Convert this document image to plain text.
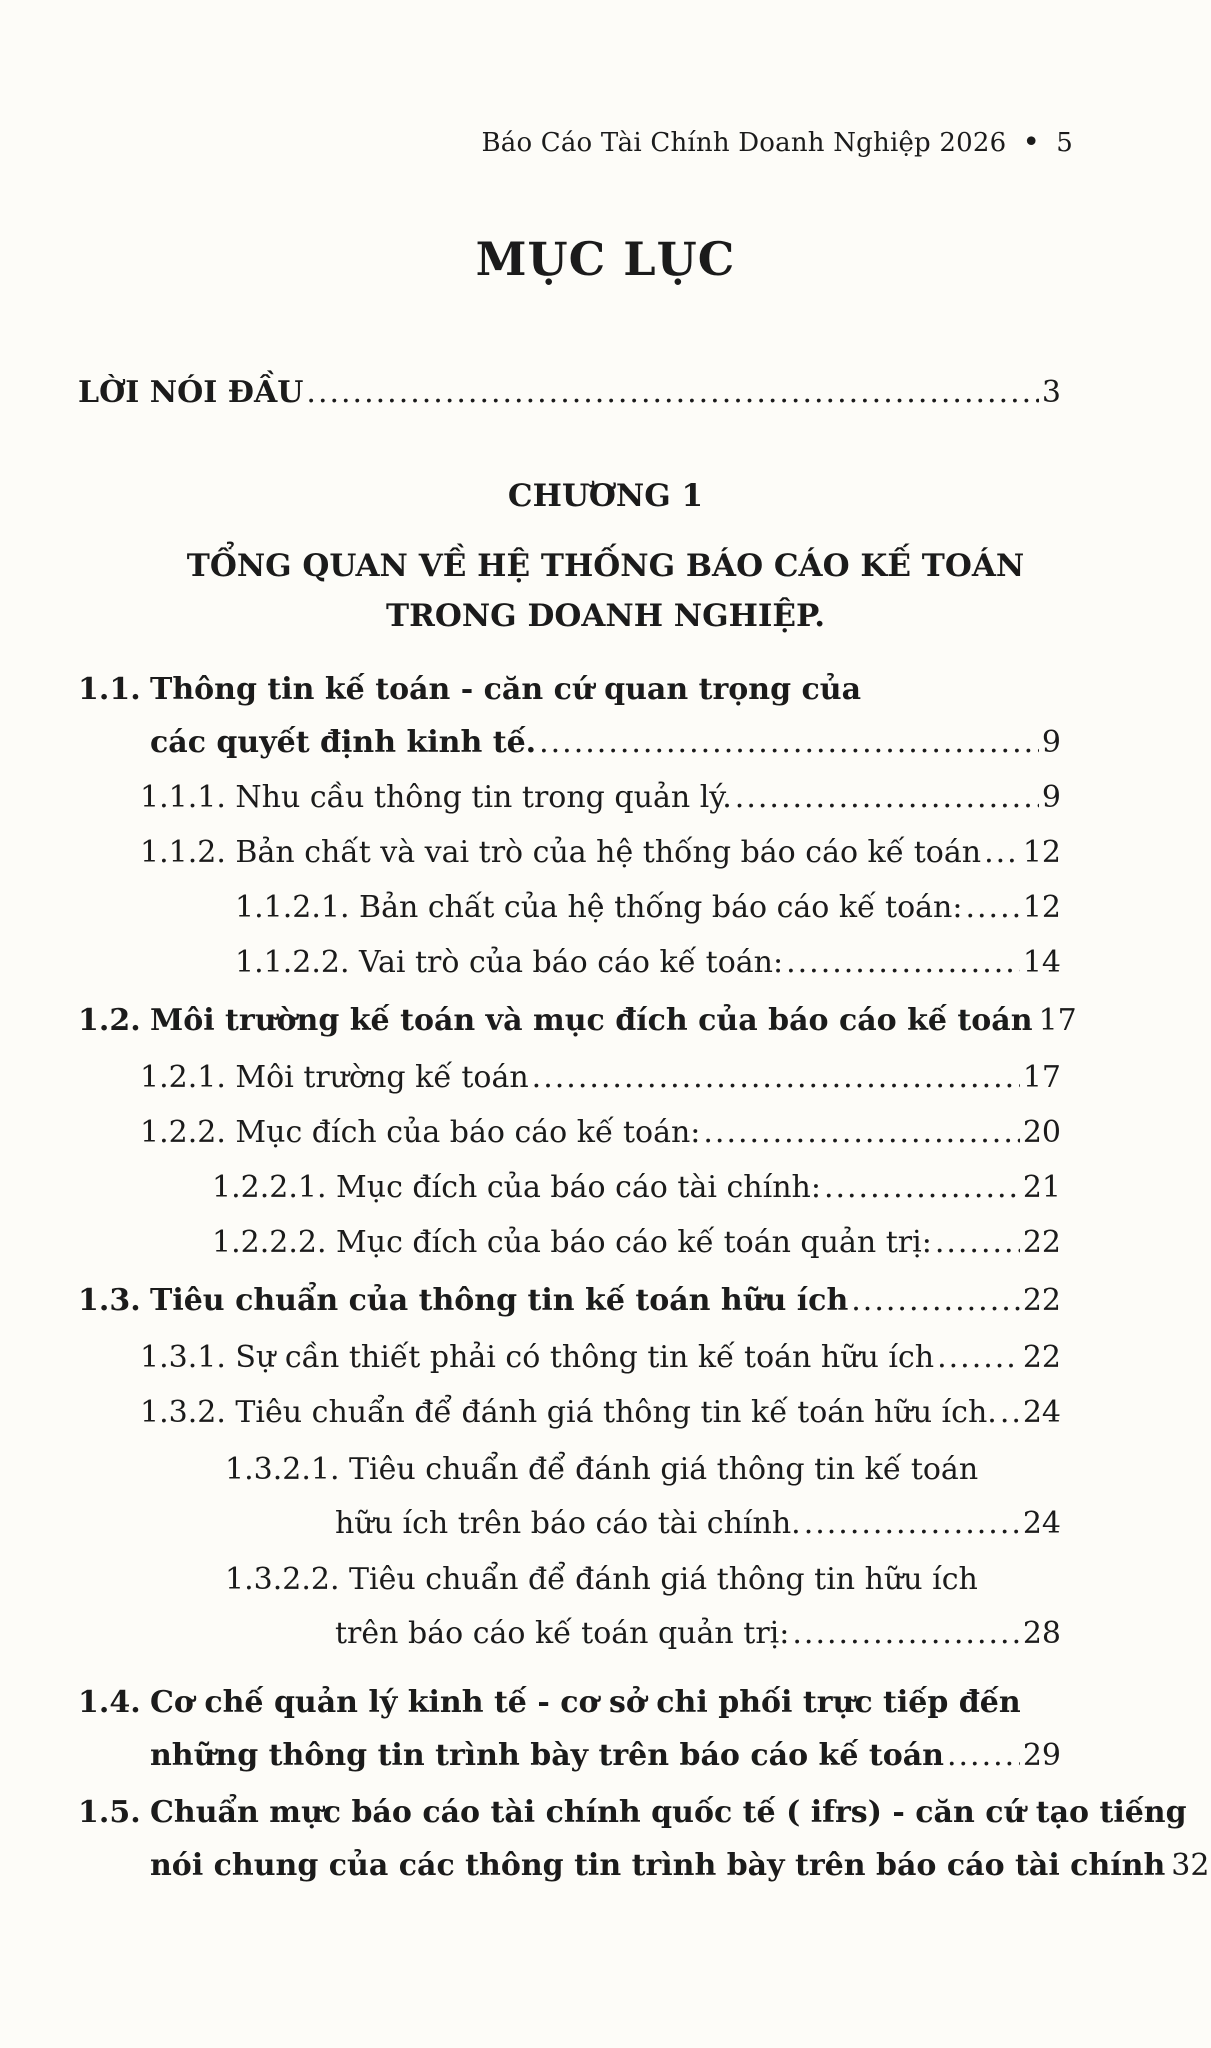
Báo Cáo Tài Chính Doanh Nghiệp 2026 • 5
MỤC LỤC
LỜI NÓI ĐẦU .....	3
CHƯƠNG 1
TỔNG QUAN VỀ HỆ THỐNG BÁO CÁO KẾ TOÁN
TRONG DOANH NGHIỆP.
1.1. Thông tin kế toán - căn cứ quan trọng của
các quyết định kinh tế. .....	9
1.1.1. Nhu cầu thông tin trong quản lý. .....	9
1.1.2. Bản chất và vai trò của hệ thống báo cáo kế toán ..... 12
1.1.2.1. Bản chất của hệ thống báo cáo kế toán: ..... 12
1.1.2.2. Vai trò của báo cáo kế toán: .....	14
1.2. Môi trường kế toán và mục đích của báo cáo kế toán 17
1.2.1. Môi trường kế toán .....	17
1.2.2. Mục đích của báo cáo kế toán: .....	20
1.2.2.1. Mục đích của báo cáo tài chính: .....	21
1.2.2.2. Mục đích của báo cáo kế toán quản trị: .....	22
1.3. Tiêu chuẩn của thông tin kế toán hữu ích .....	22
1.3.1. Sự cần thiết phải có thông tin kế toán hữu ích .....	22
1.3.2. Tiêu chuẩn để đánh giá thông tin kế toán hữu ích. ..... 24
1.3.2.1. Tiêu chuẩn để đánh giá thông tin kế toán
hữu ích trên báo cáo tài chính. .....	24
1.3.2.2. Tiêu chuẩn để đánh giá thông tin hữu ích
trên báo cáo kế toán quản trị: .....	28
1.4. Cơ chế quản lý kinh tế - cơ sở chi phối trực tiếp đến
những thông tin trình bày trên báo cáo kế toán .....	29
1.5. Chuẩn mực báo cáo tài chính quốc tế ( ifrs) - căn cứ tạo tiếng
nói chung của các thông tin trình bày trên báo cáo tài chính 32
